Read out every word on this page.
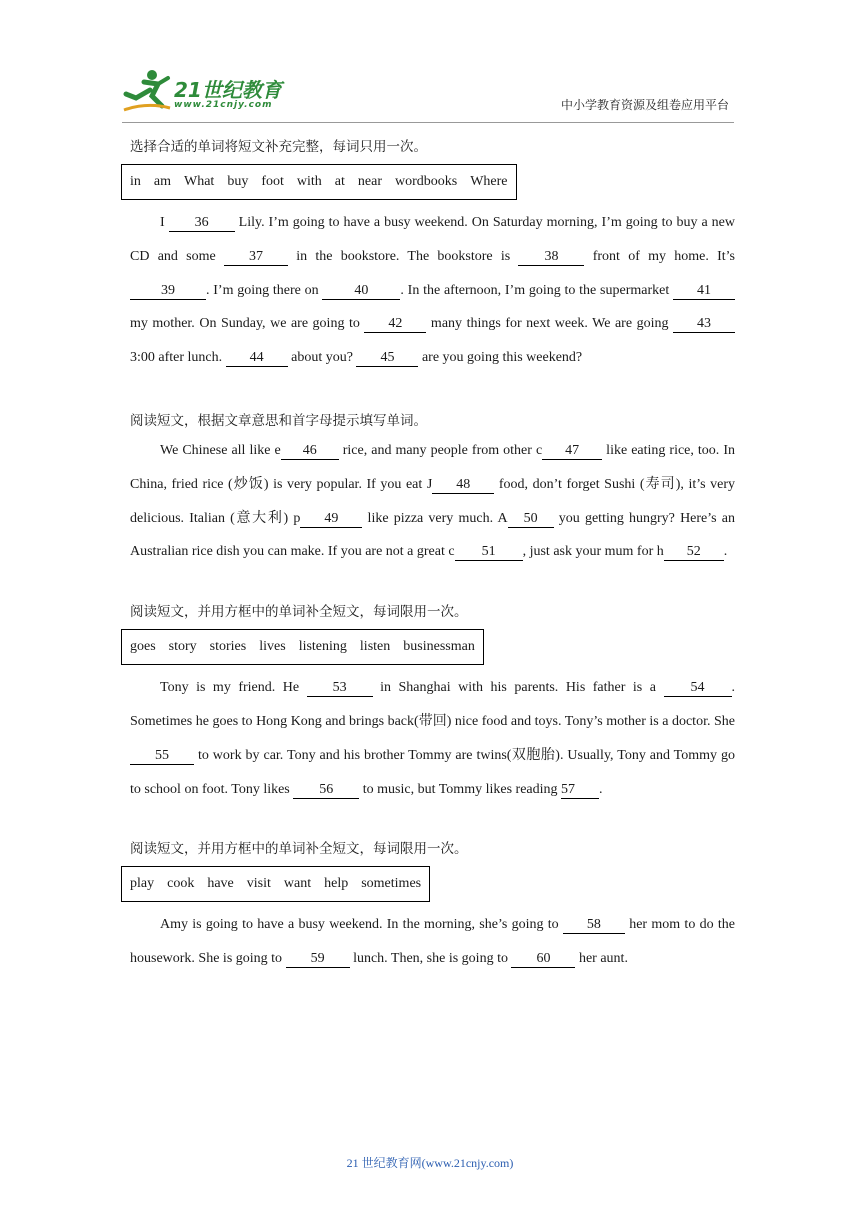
21世纪教育
www.21cnjy.com	中小学教育资源及组卷应用平台

选择合适的单词将短文补充完整，每词只用一次。

in am What buy foot with at near wordbooks Where

I 36 Lily. I’m going to have a busy weekend. On Saturday morning, I’m going to buy a new CD and some 37 in the bookstore. The bookstore is 38 front of my home. It’s 39 . I’m going there on 40 . In the afternoon, I’m going to the supermarket 41 my mother. On Sunday, we are going to 42 many things for next week. We are going 43 3:00 after lunch. 44 about you? 45 are you going this weekend?

阅读短文，根据文章意思和首字母提示填写单词。

We Chinese all like e 46 rice, and many people from other c 47 like eating rice, too. In China, fried rice (炒饭) is very popular. If you eat J 48 food, don’t forget Sushi (寿司), it’s very delicious. Italian (意大利) p 49 like pizza very much. A 50 you getting hungry? Here’s an Australian rice dish you can make. If you are not a great c 51 , just ask your mum for h 52 .

阅读短文，并用方框中的单词补全短文，每词限用一次。

goes story stories lives listening listen businessman

Tony is my friend. He 53 in Shanghai with his parents. His father is a 54 . Sometimes he goes to Hong Kong and brings back(带回) nice food and toys. Tony’s mother is a doctor. She 55 to work by car. Tony and his brother Tommy are twins(双胞胎). Usually, Tony and Tommy go to school on foot. Tony likes 56 to music, but Tommy likes reading 57 .

阅读短文，并用方框中的单词补全短文，每词限用一次。

play cook have visit want help sometimes

Amy is going to have a busy weekend. In the morning, she’s going to 58 her mom to do the housework. She is going to 59 lunch. Then, she is going to 60 her aunt.

21 世纪教育网(www.21cnjy.com)
